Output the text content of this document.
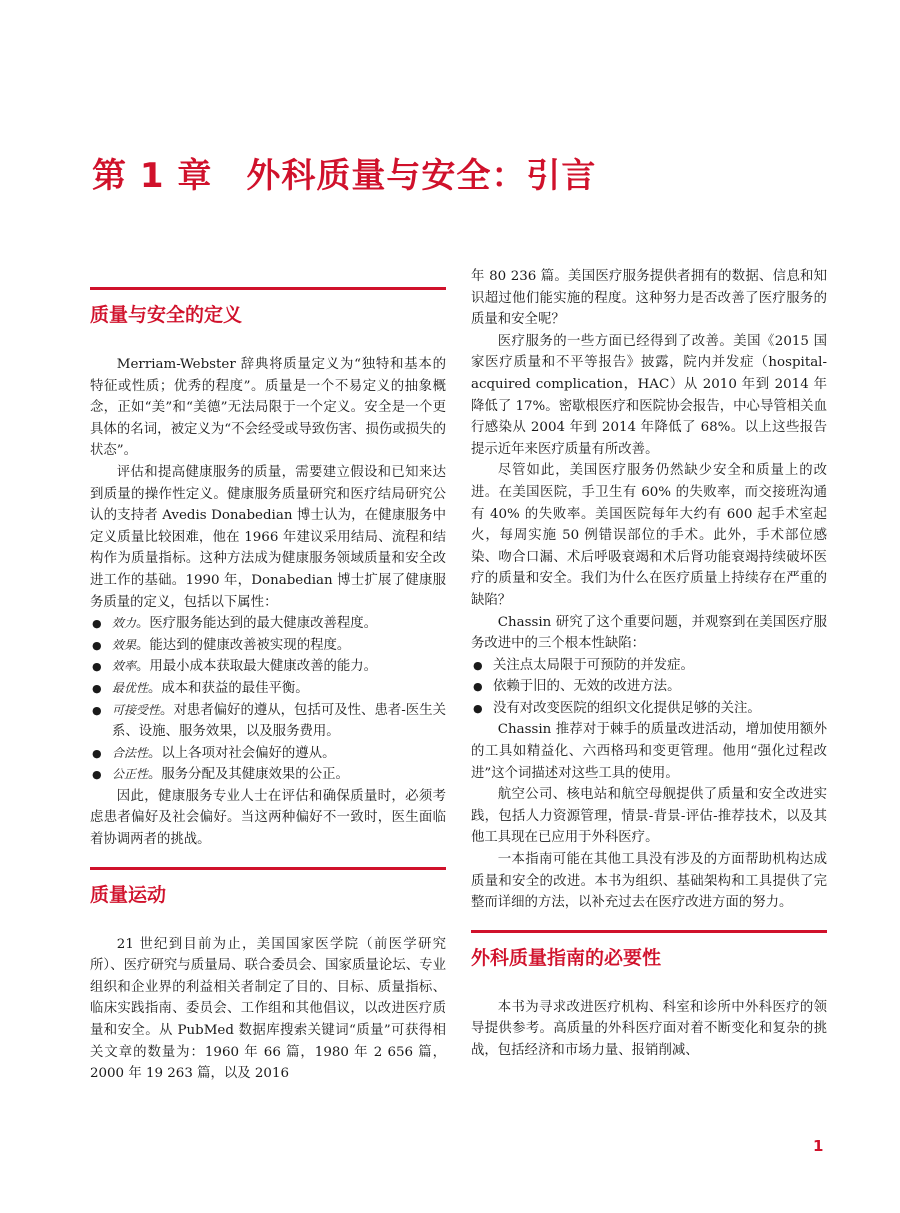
第 1 章 外科质量与安全：引言
质量与安全的定义

Merriam-Webster 辞典将质量定义为“独特和基本的特征或性质；优秀的程度”。质量是一个不易定义的抽象概念，正如“美”和“美德”无法局限于一个定义。安全是一个更具体的名词，被定义为“不会经受或导致伤害、损伤或损失的状态”。

评估和提高健康服务的质量，需要建立假设和已知来达到质量的操作性定义。健康服务质量研究和医疗结局研究公认的支持者 Avedis Donabedian 博士认为，在健康服务中定义质量比较困难，他在 1966 年建议采用结局、流程和结构作为质量指标。这种方法成为健康服务领域质量和安全改进工作的基础。1990 年，Donabedian 博士扩展了健康服务质量的定义，包括以下属性：

● 效力。医疗服务能达到的最大健康改善程度。
● 效果。能达到的健康改善被实现的程度。
● 效率。用最小成本获取最大健康改善的能力。
● 最优性。成本和获益的最佳平衡。
● 可接受性。对患者偏好的遵从，包括可及性、患者-医生关系、设施、服务效果，以及服务费用。
● 合法性。以上各项对社会偏好的遵从。
● 公正性。服务分配及其健康效果的公正。

因此，健康服务专业人士在评估和确保质量时，必须考虑患者偏好及社会偏好。当这两种偏好不一致时，医生面临着协调两者的挑战。

质量运动

21 世纪到目前为止，美国国家医学院（前医学研究所）、医疗研究与质量局、联合委员会、国家质量论坛、专业组织和企业界的利益相关者制定了目的、目标、质量指标、临床实践指南、委员会、工作组和其他倡议，以改进医疗质量和安全。从 PubMed 数据库搜索关键词“质量”可获得相关文章的数量为：1960 年 66 篇，1980 年 2 656 篇，2000 年 19 263 篇，以及 2016

年 80 236 篇。美国医疗服务提供者拥有的数据、信息和知识超过他们能实施的程度。这种努力是否改善了医疗服务的质量和安全呢？

医疗服务的一些方面已经得到了改善。美国《2015 国家医疗质量和不平等报告》披露，院内并发症（hospital-acquired complication，HAC）从 2010 年到 2014 年降低了 17%。密歇根医疗和医院协会报告，中心导管相关血行感染从 2004 年到 2014 年降低了 68%。以上这些报告提示近年来医疗质量有所改善。

尽管如此，美国医疗服务仍然缺少安全和质量上的改进。在美国医院，手卫生有 60% 的失败率，而交接班沟通有 40% 的失败率。美国医院每年大约有 600 起手术室起火，每周实施 50 例错误部位的手术。此外，手术部位感染、吻合口漏、术后呼吸衰竭和术后肾功能衰竭持续破坏医疗的质量和安全。我们为什么在医疗质量上持续存在严重的缺陷？

Chassin 研究了这个重要问题，并观察到在美国医疗服务改进中的三个根本性缺陷：

● 关注点太局限于可预防的并发症。
● 依赖于旧的、无效的改进方法。
● 没有对改变医院的组织文化提供足够的关注。

Chassin 推荐对于棘手的质量改进活动，增加使用额外的工具如精益化、六西格玛和变更管理。他用“强化过程改进”这个词描述对这些工具的使用。

航空公司、核电站和航空母舰提供了质量和安全改进实践，包括人力资源管理，情景-背景-评估-推荐技术，以及其他工具现在已应用于外科医疗。

一本指南可能在其他工具没有涉及的方面帮助机构达成质量和安全的改进。本书为组织、基础架构和工具提供了完整而详细的方法，以补充过去在医疗改进方面的努力。

外科质量指南的必要性

本书为寻求改进医疗机构、科室和诊所中外科医疗的领导提供参考。高质量的外科医疗面对着不断变化和复杂的挑战，包括经济和市场力量、报销削减、

1
